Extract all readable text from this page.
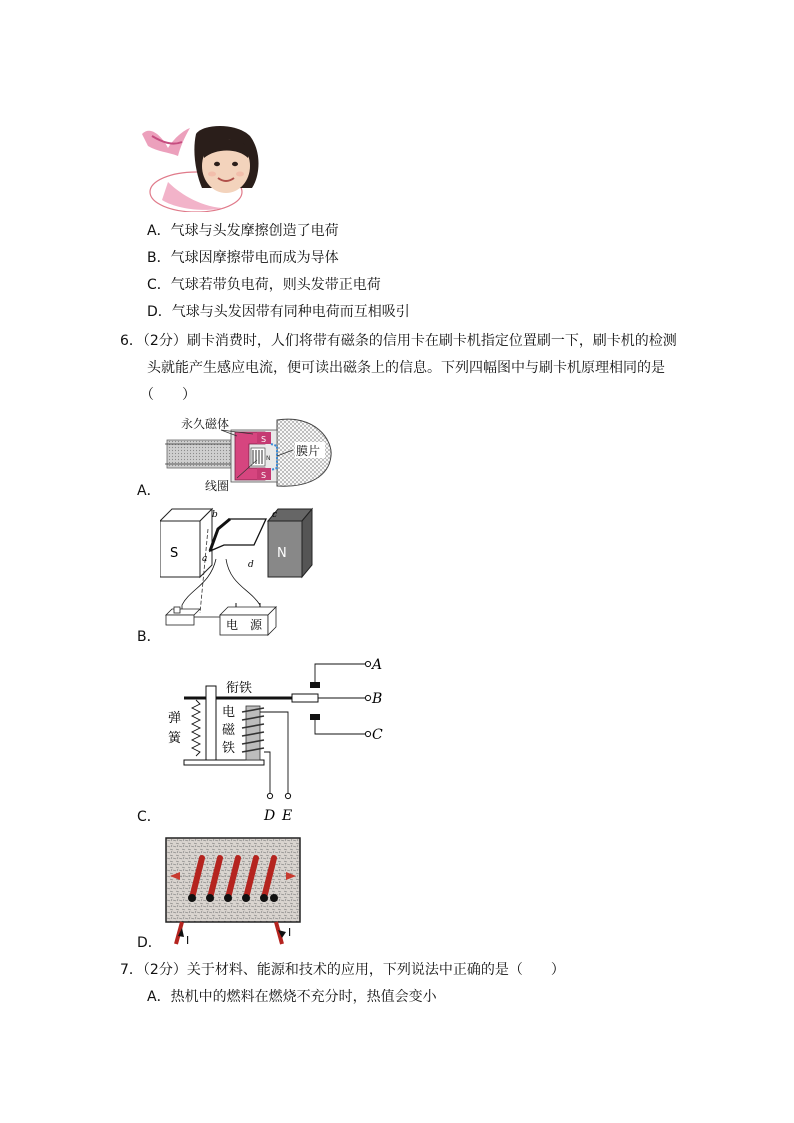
A．气球与头发摩擦创造了电荷
B．气球因摩擦带电而成为导体
C．气球若带负电荷，则头发带正电荷
D．气球与头发因带有同种电荷而互相吸引
6．（2分）刷卡消费时，人们将带有磁条的信用卡在刷卡机指定位置刷一下，刷卡机的检测
头就能产生感应电流，便可读出磁条上的信息。下列四幅图中与刷卡机原理相同的是
（　　）
A．
S
S
N
永久磁体
线圈
膜片
B．
S	N
b	c
a
d
电　源
C．
衔铁
弹
簧
电
磁
铁
D E
A
B
C
D． I
I
7．（2分）关于材料、能源和技术的应用，下列说法中正确的是（　　）
A．热机中的燃料在燃烧不充分时，热值会变小
